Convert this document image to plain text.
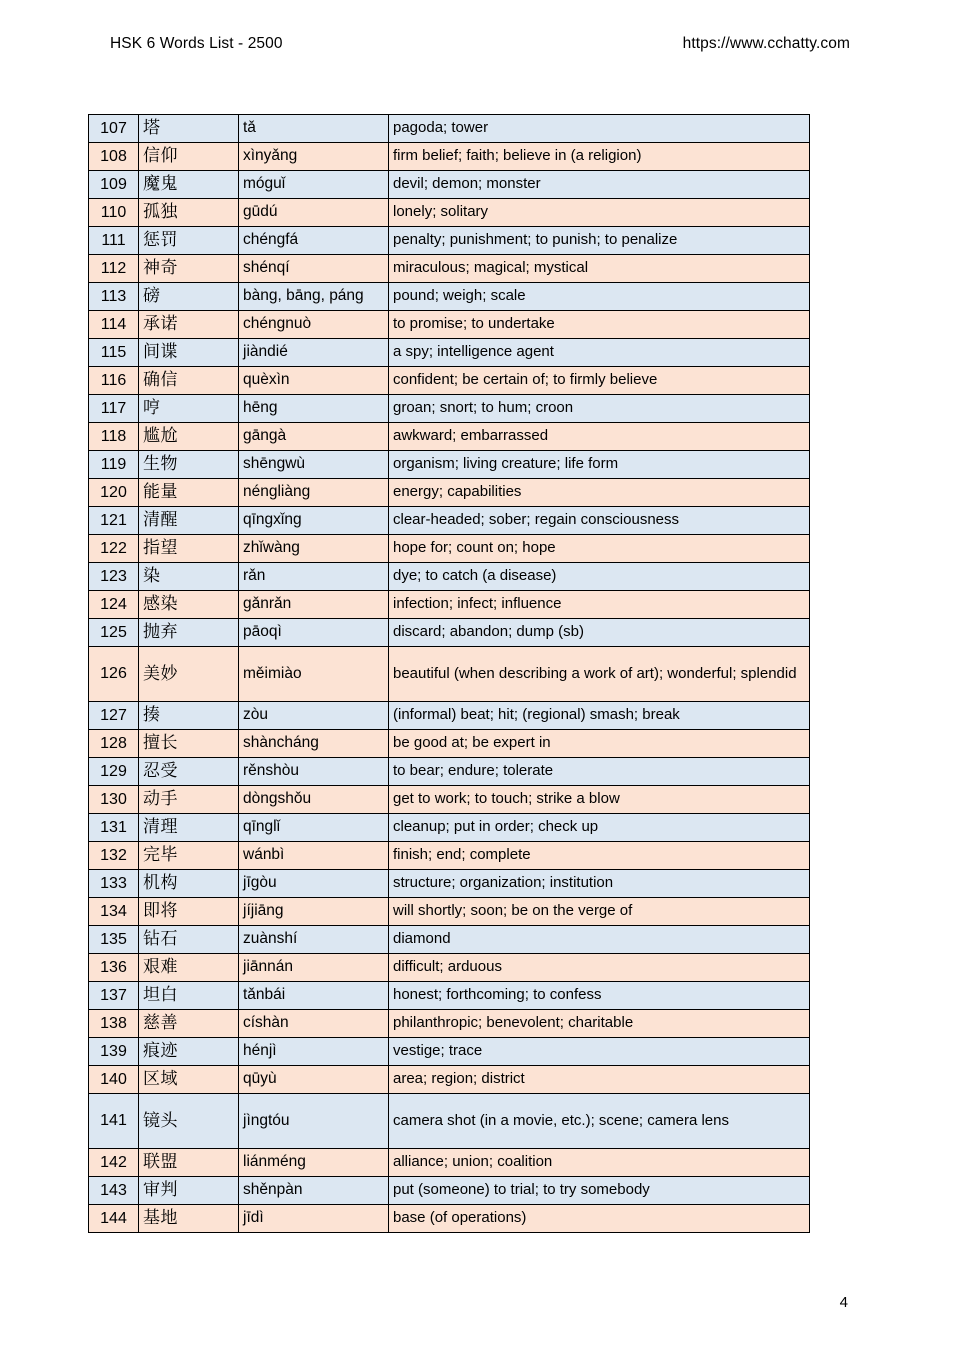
HSK 6 Words List - 2500	https://www.cchatty.com
107	塔	tǎ	pagoda; tower
108	信仰	xìnyǎng	firm belief; faith; believe in (a religion)
109	魔鬼	móguǐ	devil; demon; monster
110	孤独	gūdú	lonely; solitary
111	惩罚	chéngfá	penalty; punishment; to punish; to penalize
112	神奇	shénqí	miraculous; magical; mystical
113	磅	bàng, bāng, páng	pound; weigh; scale
114	承诺	chéngnuò	to promise; to undertake
115	间谍	jiàndié	a spy; intelligence agent
116	确信	quèxìn	confident; be certain of; to firmly believe
117	哼	hēng	groan; snort; to hum; croon
118	尴尬	gāngà	awkward; embarrassed
119	生物	shēngwù	organism; living creature; life form
120	能量	néngliàng	energy; capabilities
121	清醒	qīngxǐng	clear-headed; sober; regain consciousness
122	指望	zhǐwàng	hope for; count on; hope
123	染	rǎn	dye; to catch (a disease)
124	感染	gǎnrǎn	infection; infect; influence
125	抛弃	pāoqì	discard; abandon; dump (sb)
126	美妙	měimiào	beautiful (when describing a work of art); wonderful; splendid
127	揍	zòu	(informal) beat; hit; (regional) smash; break
128	擅长	shàncháng	be good at; be expert in
129	忍受	rěnshòu	to bear; endure; tolerate
130	动手	dòngshǒu	get to work; to touch; strike a blow
131	清理	qīnglǐ	cleanup; put in order; check up
132	完毕	wánbì	finish; end; complete
133	机构	jīgòu	structure; organization; institution
134	即将	jíjiāng	will shortly; soon; be on the verge of
135	钻石	zuànshí	diamond
136	艰难	jiānnán	difficult; arduous
137	坦白	tǎnbái	honest; forthcoming; to confess
138	慈善	císhàn	philanthropic; benevolent; charitable
139	痕迹	hénjì	vestige; trace
140	区域	qūyù	area; region; district
141	镜头	jìngtóu	camera shot (in a movie, etc.); scene; camera lens
142	联盟	liánméng	alliance; union; coalition
143	审判	shěnpàn	put (someone) to trial; to try somebody
144	基地	jīdì	base (of operations)
4
